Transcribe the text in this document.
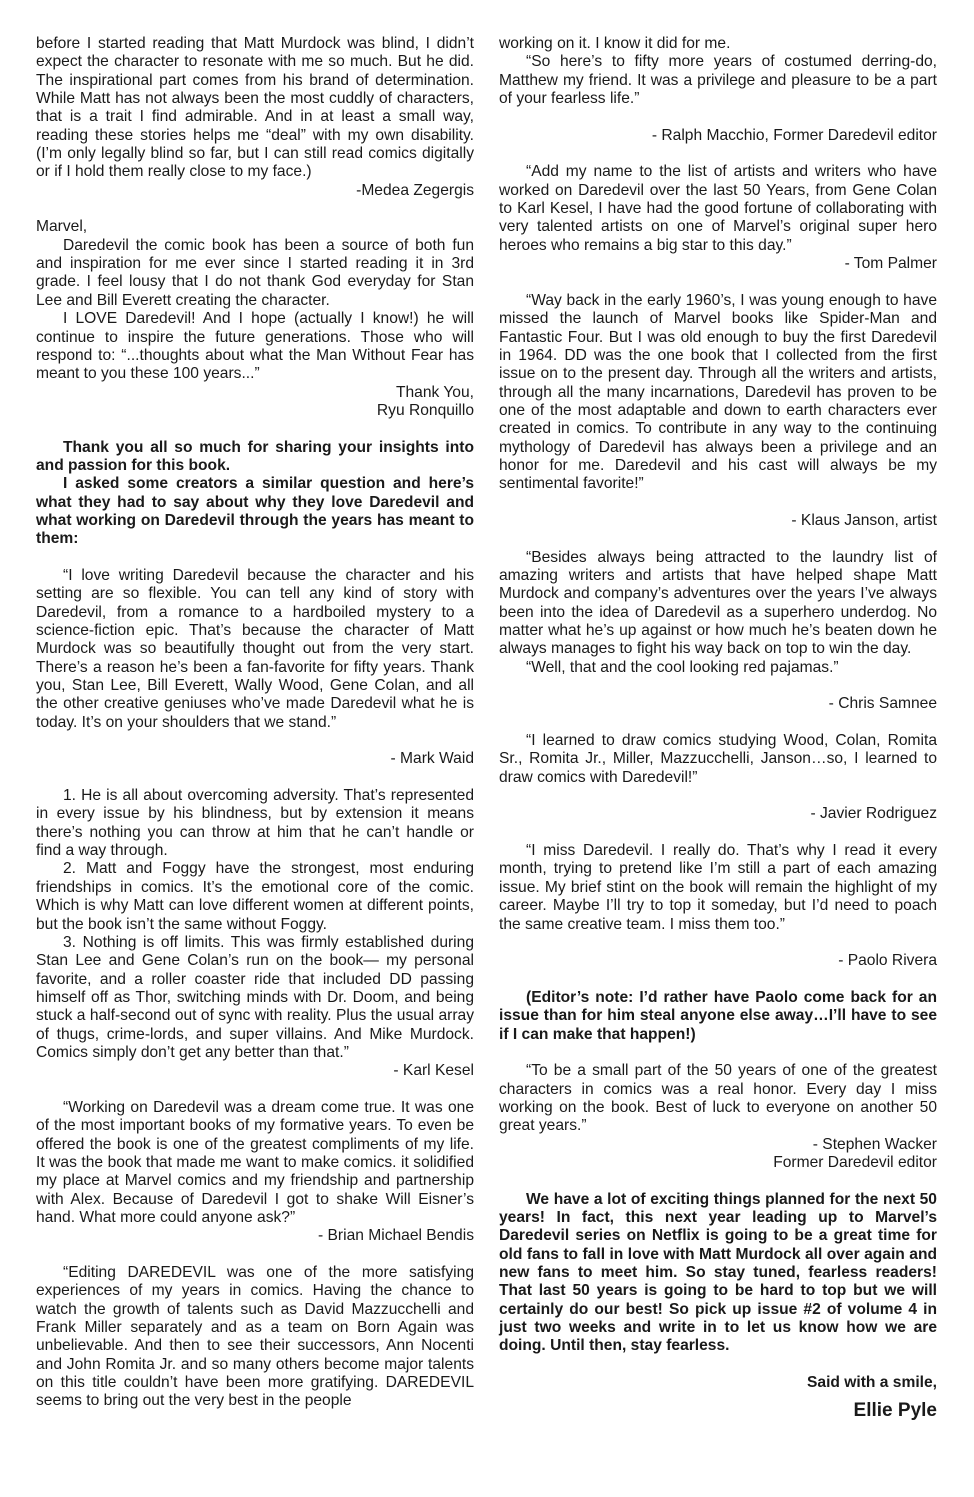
before I started reading that Matt Murdock was blind, I didn’t expect the character to resonate with me so much. But he did. The inspirational part comes from his brand of determination. While Matt has not always been the most cuddly of characters, that is a trait I find admirable. And in at least a small way, reading these stories helps me “deal” with my own disability. (I’m only legally blind so far, but I can still read comics digitally or if I hold them really close to my face.)

-Medea Zegergis

Marvel,

Daredevil the comic book has been a source of both fun and inspiration for me ever since I started reading it in 3rd grade. I feel lousy that I do not thank God everyday for Stan Lee and Bill Everett creating the character.

I LOVE Daredevil! And I hope (actually I know!) he will continue to inspire the future generations. Those who will respond to: “...thoughts about what the Man Without Fear has meant to you these 100 years...”

Thank You,

Ryu Ronquillo

Thank you all so much for sharing your insights into and passion for this book.

I asked some creators a similar question and here’s what they had to say about why they love Daredevil and what working on Daredevil through the years has meant to them:

“I love writing Daredevil because the character and his setting are so flexible. You can tell any kind of story with Daredevil, from a romance to a hardboiled mystery to a science-fiction epic. That’s because the character of Matt Murdock was so beautifully thought out from the very start. There’s a reason he’s been a fan-favorite for fifty years. Thank you, Stan Lee, Bill Everett, Wally Wood, Gene Colan, and all the other creative geniuses who’ve made Daredevil what he is today. It’s on your shoulders that we stand.”

- Mark Waid

1. He is all about overcoming adversity. That’s represented in every issue by his blindness, but by extension it means there’s nothing you can throw at him that he can’t handle or find a way through.

2. Matt and Foggy have the strongest, most enduring friendships in comics. It’s the emotional core of the comic. Which is why Matt can love different women at different points, but the book isn’t the same without Foggy.

3. Nothing is off limits. This was firmly established during Stan Lee and Gene Colan’s run on the book— my personal favorite, and a roller coaster ride that included DD passing himself off as Thor, switching minds with Dr. Doom, and being stuck a half-second out of sync with reality. Plus the usual array of thugs, crime-lords, and super villains. And Mike Murdock. Comics simply don’t get any better than that.”

- Karl Kesel

“Working on Daredevil was a dream come true. It was one of the most important books of my formative years. To even be offered the book is one of the greatest compliments of my life. It was the book that made me want to make comics. it solidified my place at Marvel comics and my friendship and partnership with Alex. Because of Daredevil I got to shake Will Eisner’s hand. What more could anyone ask?”

- Brian Michael Bendis

“Editing DAREDEVIL was one of the more satisfying experiences of my years in comics. Having the chance to watch the growth of talents such as David Mazzucchelli and Frank Miller separately and as a team on Born Again was unbelievable. And then to see their successors, Ann Nocenti and John Romita Jr. and so many others become major talents on this title couldn’t have been more gratifying. DAREDEVIL seems to bring out the very best in the people

working on it. I know it did for me.

“So here’s to fifty more years of costumed derring-do, Matthew my friend. It was a privilege and pleasure to be a part of your fearless life.”

- Ralph Macchio, Former Daredevil editor

“Add my name to the list of artists and writers who have worked on Daredevil over the last 50 Years, from Gene Colan to Karl Kesel, I have had the good fortune of collaborating with very talented artists on one of Marvel’s original super hero heroes who remains a big star to this day.”

- Tom Palmer

“Way back in the early 1960’s, I was young enough to have missed the launch of Marvel books like Spider-Man and Fantastic Four. But I was old enough to buy the first Daredevil in 1964. DD was the one book that I collected from the first issue on to the present day. Through all the writers and artists, through all the many incarnations, Daredevil has proven to be one of the most adaptable and down to earth characters ever created in comics. To contribute in any way to the continuing mythology of Daredevil has always been a privilege and an honor for me. Daredevil and his cast will always be my sentimental favorite!”

- Klaus Janson, artist

“Besides always being attracted to the laundry list of amazing writers and artists that have helped shape Matt Murdock and company’s adventures over the years I’ve always been into the idea of Daredevil as a superhero underdog. No matter what he’s up against or how much he’s beaten down he always manages to fight his way back on top to win the day.

“Well, that and the cool looking red pajamas.”

- Chris Samnee

“I learned to draw comics studying Wood, Colan, Romita Sr., Romita Jr., Miller, Mazzucchelli, Janson…so, I learned to draw comics with Daredevil!”

- Javier Rodriguez

“I miss Daredevil. I really do. That’s why I read it every month, trying to pretend like I’m still a part of each amazing issue. My brief stint on the book will remain the highlight of my career. Maybe I’ll try to top it someday, but I’d need to poach the same creative team. I miss them too.”

- Paolo Rivera

(Editor’s note: I’d rather have Paolo come back for an issue than for him steal anyone else away…I’ll have to see if I can make that happen!)

“To be a small part of the 50 years of one of the greatest characters in comics was a real honor. Every day I miss working on the book. Best of luck to everyone on another 50 great years.”

- Stephen Wacker

Former Daredevil editor

We have a lot of exciting things planned for the next 50 years! In fact, this next year leading up to Marvel’s Daredevil series on Netflix is going to be a great time for old fans to fall in love with Matt Murdock all over again and new fans to meet him. So stay tuned, fearless readers! That last 50 years is going to be hard to top but we will certainly do our best! So pick up issue #2 of volume 4 in just two weeks and write in to let us know how we are doing. Until then, stay fearless.

Said with a smile,

Ellie Pyle
